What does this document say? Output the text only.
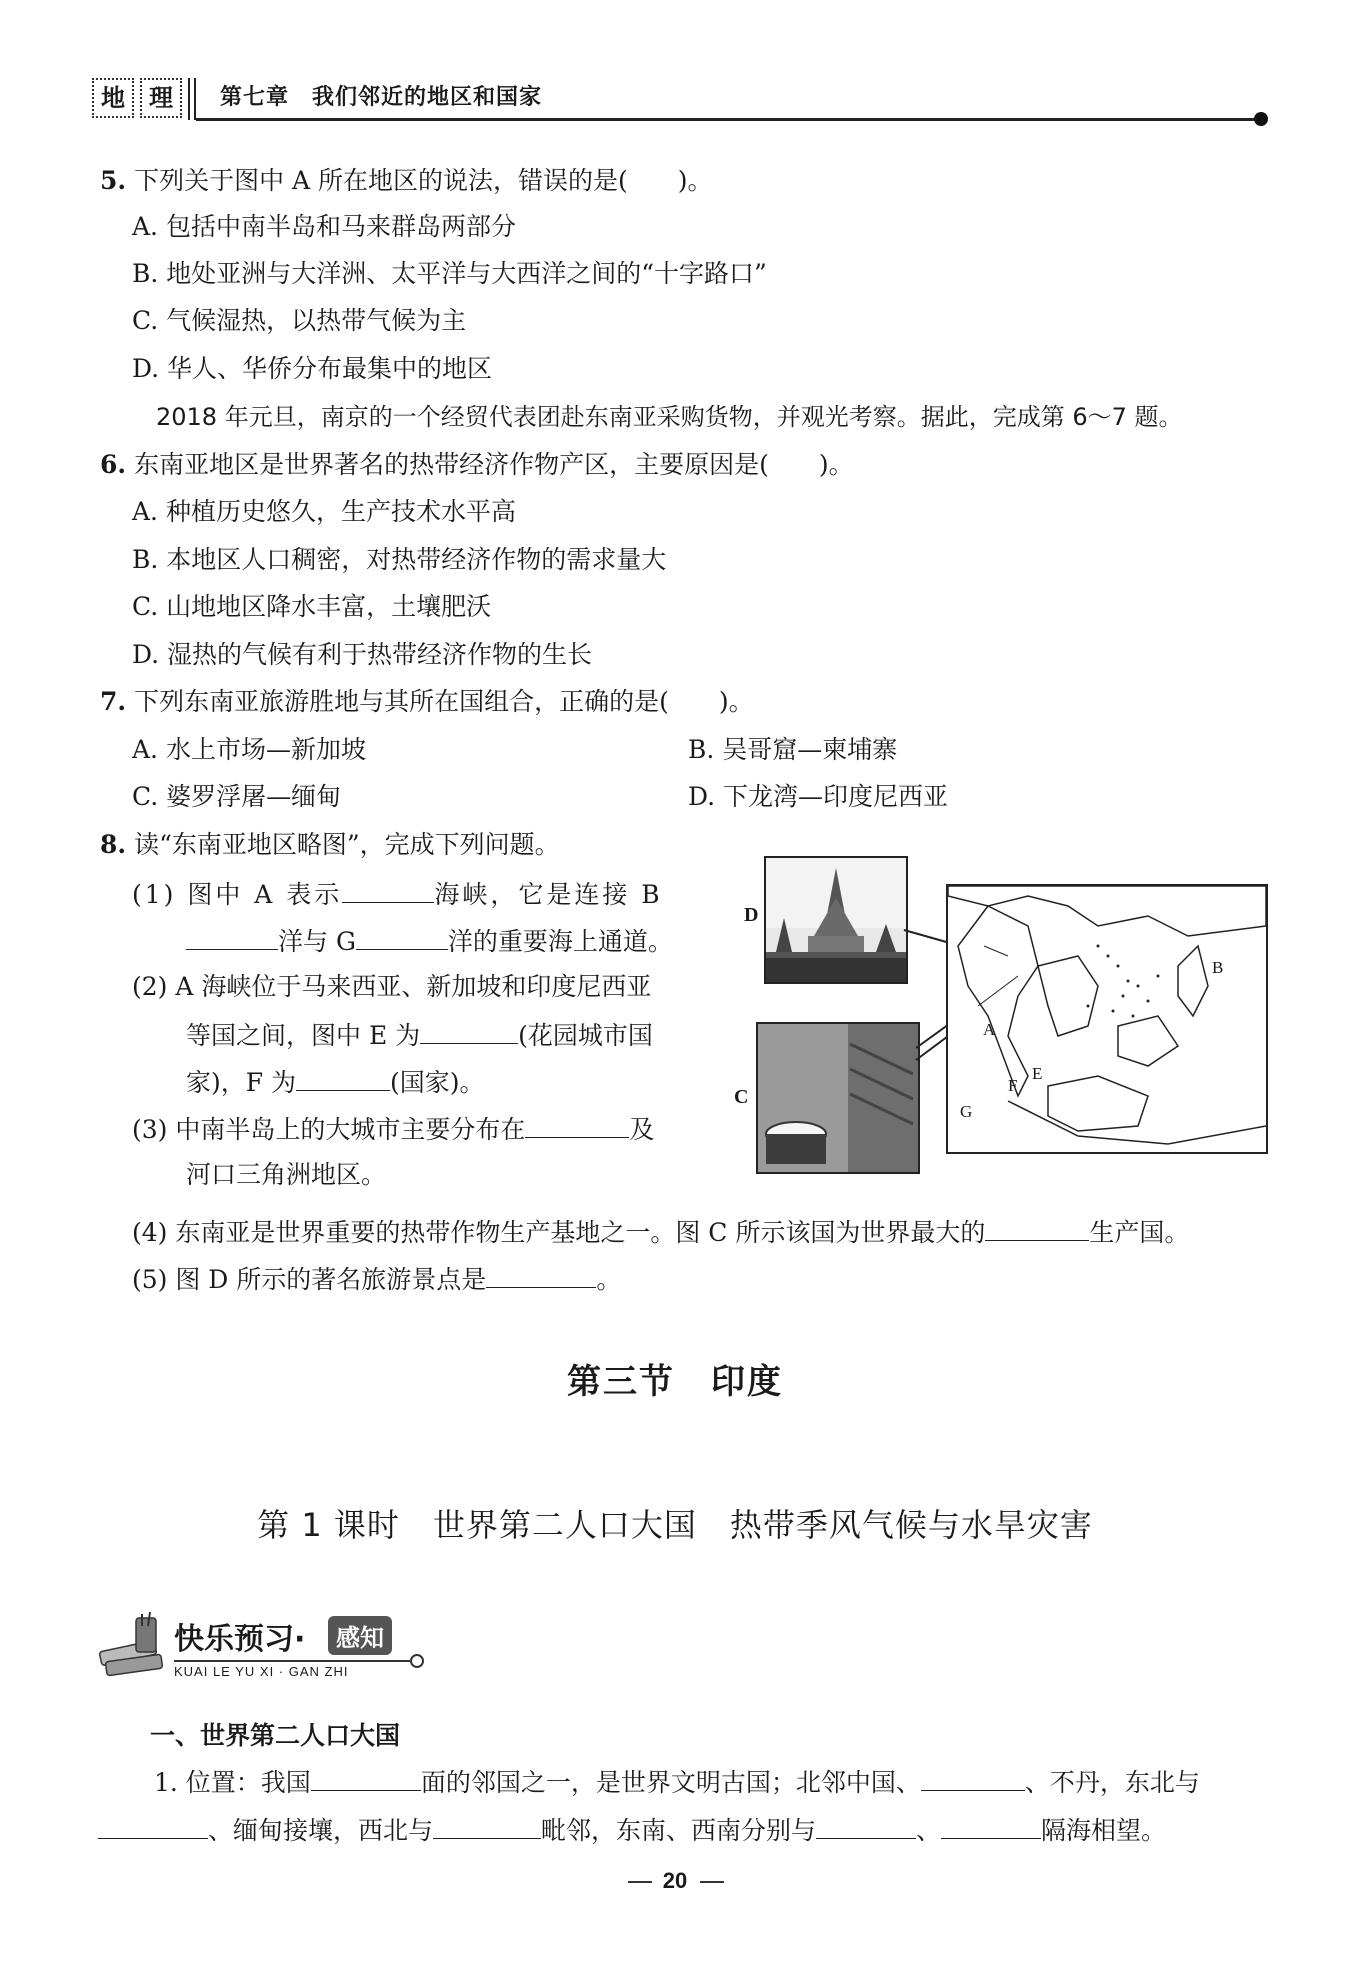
地	理	第七章　我们邻近的地区和国家
5. 下列关于图中 A 所在地区的说法，错误的是(　　)。
A. 包括中南半岛和马来群岛两部分
B. 地处亚洲与大洋洲、太平洋与大西洋之间的“十字路口”
C. 气候湿热，以热带气候为主
D. 华人、华侨分布最集中的地区
2018 年元旦，南京的一个经贸代表团赴东南亚采购货物，并观光考察。据此，完成第 6～7 题。
6. 东南亚地区是世界著名的热带经济作物产区，主要原因是(　　)。
A. 种植历史悠久，生产技术水平高
B. 本地区人口稠密，对热带经济作物的需求量大
C. 山地地区降水丰富，土壤肥沃
D. 湿热的气候有利于热带经济作物的生长
7. 下列东南亚旅游胜地与其所在国组合，正确的是(　　)。
A. 水上市场—新加坡	B. 吴哥窟—柬埔寨
C. 婆罗浮屠—缅甸	D. 下龙湾—印度尼西亚
8. 读“东南亚地区略图”，完成下列问题。
(1) 图中 A 表示	海峡，它是连接 B
洋与 G	洋的重要海上通道。
(2) A 海峡位于马来西亚、新加坡和印度尼西亚
等国之间，图中 E 为	(花园城市国
家)，F 为	(国家)。
(3) 中南半岛上的大城市主要分布在	及
河口三角洲地区。
(4) 东南亚是世界重要的热带作物生产基地之一。图 C 所示该国为世界最大的	生产国。
(5) 图 D 所示的著名旅游景点是	。
D
C
A
B
E
F
G
第三节　印度
第 1 课时　世界第二人口大国　热带季风气候与水旱灾害
快乐预习·	感知
KUAI LE YU XI · GAN ZHI
一、世界第二人口大国
1. 位置：我国	面的邻国之一，是世界文明古国；北邻中国、	、不丹，东北与
、缅甸接壤，西北与	毗邻，东南、西南分别与	、	隔海相望。
20
